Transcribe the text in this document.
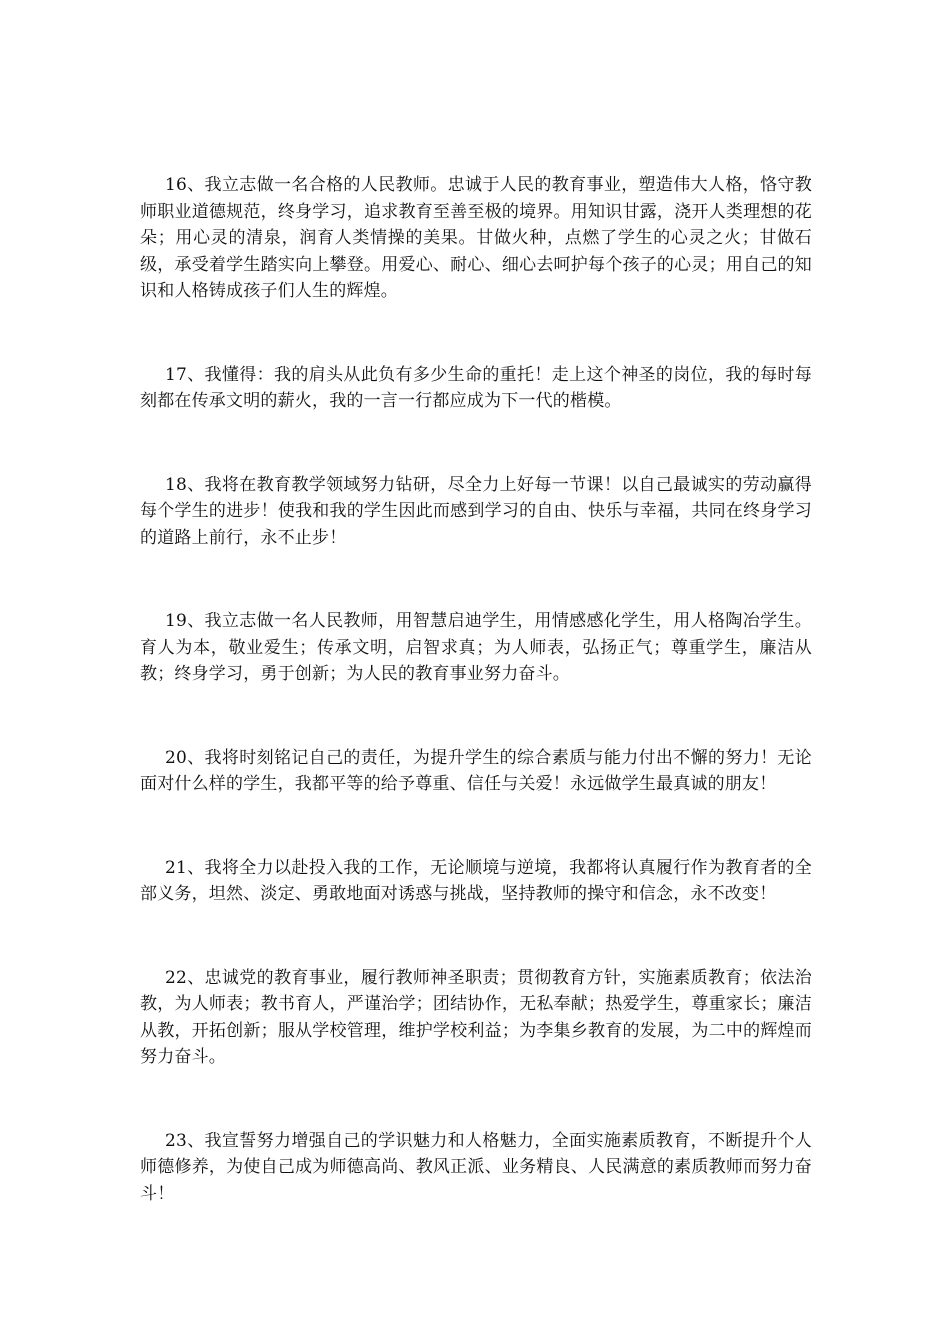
16、我立志做一名合格的人民教师。忠诚于人民的教育事业，塑造伟大人格，恪守教师职业道德规范，终身学习，追求教育至善至极的境界。用知识甘露，浇开人类理想的花朵；用心灵的清泉，润育人类情操的美果。甘做火种，点燃了学生的心灵之火；甘做石级，承受着学生踏实向上攀登。用爱心、耐心、细心去呵护每个孩子的心灵；用自己的知识和人格铸成孩子们人生的辉煌。

17、我懂得：我的肩头从此负有多少生命的重托！走上这个神圣的岗位，我的每时每刻都在传承文明的薪火，我的一言一行都应成为下一代的楷模。

18、我将在教育教学领域努力钻研，尽全力上好每一节课！以自己最诚实的劳动赢得每个学生的进步！使我和我的学生因此而感到学习的自由、快乐与幸福，共同在终身学习的道路上前行，永不止步！

19、我立志做一名人民教师，用智慧启迪学生，用情感感化学生，用人格陶冶学生。育人为本，敬业爱生；传承文明，启智求真；为人师表，弘扬正气；尊重学生，廉洁从教；终身学习，勇于创新；为人民的教育事业努力奋斗。

20、我将时刻铭记自己的责任，为提升学生的综合素质与能力付出不懈的努力！无论面对什么样的学生，我都平等的给予尊重、信任与关爱！永远做学生最真诚的朋友！

21、我将全力以赴投入我的工作，无论顺境与逆境，我都将认真履行作为教育者的全部义务，坦然、淡定、勇敢地面对诱惑与挑战，坚持教师的操守和信念，永不改变！

22、忠诚党的教育事业，履行教师神圣职责；贯彻教育方针，实施素质教育；依法治教，为人师表；教书育人，严谨治学；团结协作，无私奉献；热爱学生，尊重家长；廉洁从教，开拓创新；服从学校管理，维护学校利益；为李集乡教育的发展，为二中的辉煌而努力奋斗。

23、我宣誓努力增强自己的学识魅力和人格魅力，全面实施素质教育，不断提升个人师德修养，为使自己成为师德高尚、教风正派、业务精良、人民满意的素质教师而努力奋斗！
